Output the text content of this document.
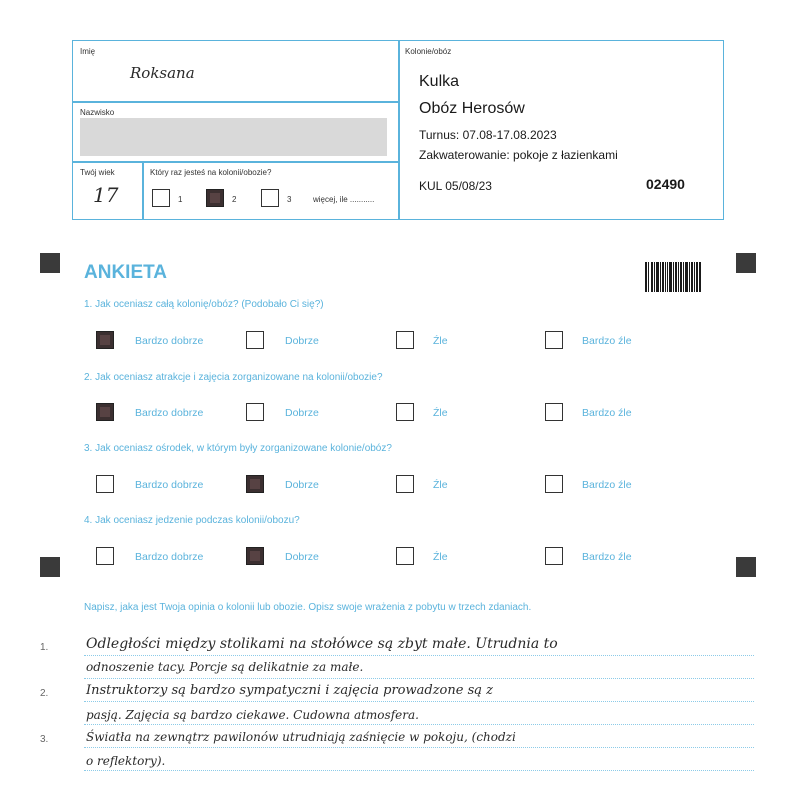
Imię
Roksana
Nazwisko
Twój wiek
17
Który raz jesteś na kolonii/obozie?
1	2	3	więcej, ile ...........
Kolonie/obóz
Kulka
Obóz Herosów
Turnus: 07.08-17.08.2023
Zakwaterowanie: pokoje z łazienkami
KUL 05/08/23	02490
ANKIETA
1. Jak oceniasz całą kolonię/obóz? (Podobało Ci się?)
Bardzo dobrze	Dobrze	Źle	Bardzo źle
2. Jak oceniasz atrakcje i zajęcia zorganizowane na kolonii/obozie?
Bardzo dobrze	Dobrze	Źle	Bardzo źle
3. Jak oceniasz ośrodek, w którym były zorganizowane kolonie/obóz?
Bardzo dobrze	Dobrze	Źle	Bardzo źle
4. Jak oceniasz jedzenie podczas kolonii/obozu?
Bardzo dobrze	Dobrze	Źle	Bardzo źle
Napisz, jaka jest Twoja opinia o kolonii lub obozie. Opisz swoje wrażenia z pobytu w trzech zdaniach.
1.
2.
3.
Odległości między stolikami na stołówce są zbyt małe. Utrudnia to
odnoszenie tacy. Porcje są delikatnie za małe.
Instruktorzy są bardzo sympatyczni i zajęcia prowadzone są z
pasją. Zajęcia są bardzo ciekawe. Cudowna atmosfera.
Światła na zewnątrz pawilonów utrudniają zaśnięcie w pokoju, (chodzi
o reflektory).
